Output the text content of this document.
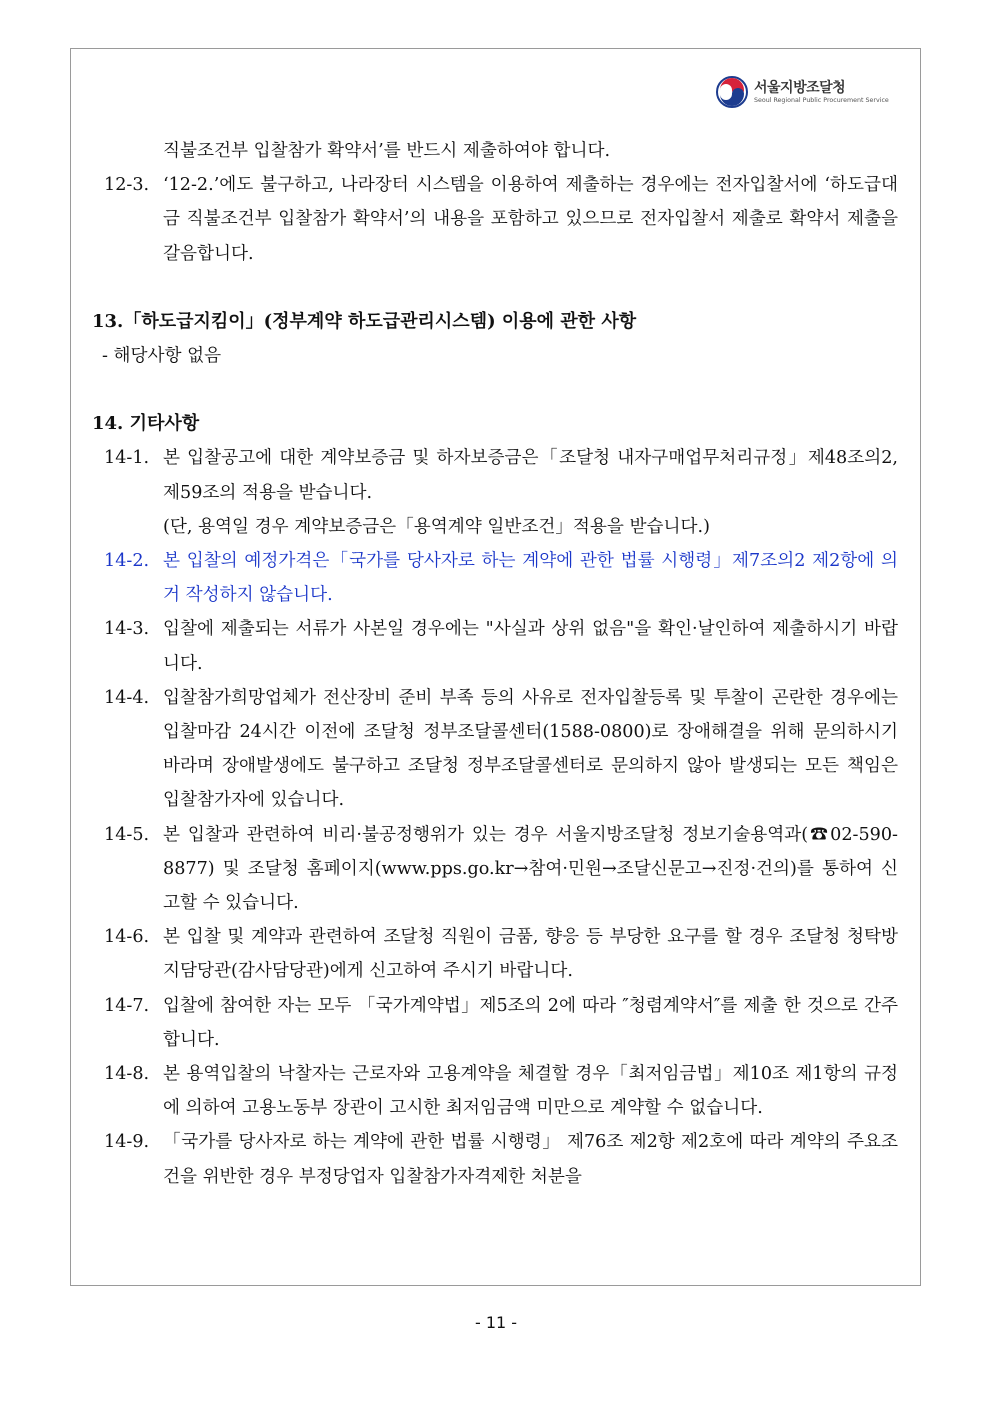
서울지방조달청
Seoul Regional Public Procurement Service

직불조건부 입찰참가 확약서’를 반드시 제출하여야 합니다.

12-3. ‘12-2.’에도 불구하고, 나라장터 시스템을 이용하여 제출하는 경우에는 전자입찰서에 ‘하도급대금 직불조건부 입찰참가 확약서’의 내용을 포함하고 있으므로 전자입찰서 제출로 확약서 제출을 갈음합니다.

13.「하도급지킴이」(정부계약 하도급관리시스템) 이용에 관한 사항

- 해당사항 없음

14. 기타사항

14-1. 본 입찰공고에 대한 계약보증금 및 하자보증금은「조달청 내자구매업무처리규정」제48조의2, 제59조의 적용을 받습니다.

(단, 용역일 경우 계약보증금은「용역계약 일반조건」적용을 받습니다.)

14-2. 본 입찰의 예정가격은「국가를 당사자로 하는 계약에 관한 법률 시행령」제7조의2 제2항에 의거 작성하지 않습니다.

14-3. 입찰에 제출되는 서류가 사본일 경우에는 "사실과 상위 없음"을 확인·날인하여 제출하시기 바랍니다.

14-4. 입찰참가희망업체가 전산장비 준비 부족 등의 사유로 전자입찰등록 및 투찰이 곤란한 경우에는 입찰마감 24시간 이전에 조달청 정부조달콜센터(1588-0800)로 장애해결을 위해 문의하시기 바라며 장애발생에도 불구하고 조달청 정부조달콜센터로 문의하지 않아 발생되는 모든 책임은 입찰참가자에 있습니다.

14-5. 본 입찰과 관련하여 비리·불공정행위가 있는 경우 서울지방조달청 정보기술용역과(☎02-590-8877) 및 조달청 홈페이지(www.pps.go.kr→참여·민원→조달신문고→진정·건의)를 통하여 신고할 수 있습니다.

14-6. 본 입찰 및 계약과 관련하여 조달청 직원이 금품, 향응 등 부당한 요구를 할 경우 조달청 청탁방지담당관(감사담당관)에게 신고하여 주시기 바랍니다.

14-7. 입찰에 참여한 자는 모두 「국가계약법」제5조의 2에 따라 ″청렴계약서″를 제출 한 것으로 간주합니다.

14-8. 본 용역입찰의 낙찰자는 근로자와 고용계약을 체결할 경우「최저임금법」제10조 제1항의 규정에 의하여 고용노동부 장관이 고시한 최저임금액 미만으로 계약할 수 없습니다.

14-9. 「국가를 당사자로 하는 계약에 관한 법률 시행령」 제76조 제2항 제2호에 따라 계약의 주요조건을 위반한 경우 부정당업자 입찰참가자격제한 처분을

- 11 -
